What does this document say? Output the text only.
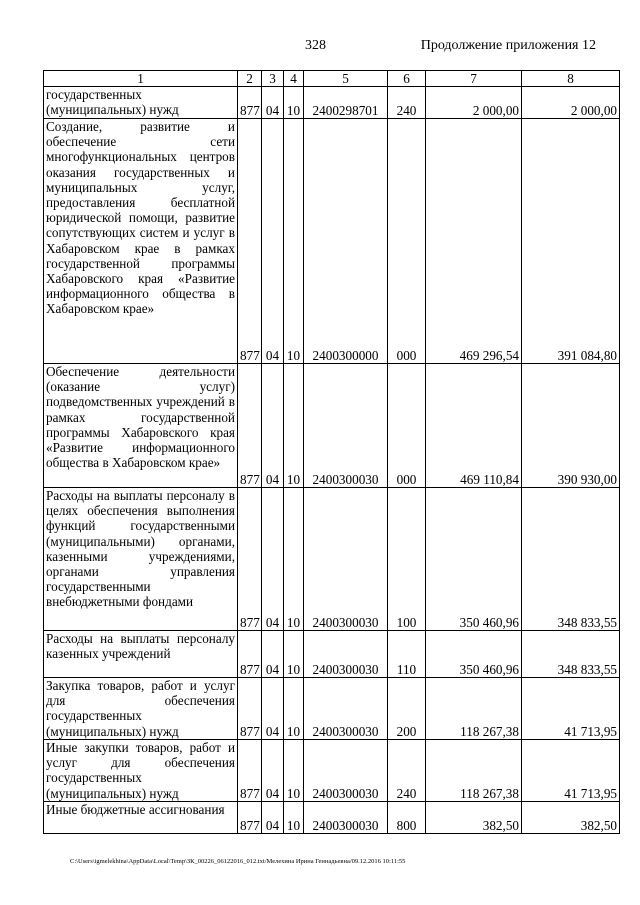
328	Продолжение приложения 12
1	2	3	4	5	6	7	8
государственных (муниципальных) нужд	877	04	10	2400298701	240	2 000,00	2 000,00
Создание, развитие и обеспечение сети многофункциональных центров оказания государственных и муниципальных услуг, предоставления бесплатной юридической помощи, развитие сопутствующих систем и услуг в Хабаровском крае в рамках государственной программы Хабаровского края «Развитие информационного общества в Хабаровском крае»	877	04	10	2400300000	000	469 296,54	391 084,80
Обеспечение деятельности (оказание услуг) подведомственных учреждений в рамках государственной программы Хабаровского края «Развитие информационного общества в Хабаровском крае»	877	04	10	2400300030	000	469 110,84	390 930,00
Расходы на выплаты персоналу в целях обеспечения выполнения функций государственными (муниципальными) органами, казенными учреждениями, органами управления государственными внебюджетными фондами	877	04	10	2400300030	100	350 460,96	348 833,55
Расходы на выплаты персоналу казенных учреждений	877	04	10	2400300030	110	350 460,96	348 833,55
Закупка товаров, работ и услуг для обеспечения государственных (муниципальных) нужд	877	04	10	2400300030	200	118 267,38	41 713,95
Иные закупки товаров, работ и услуг для обеспечения государственных (муниципальных) нужд	877	04	10	2400300030	240	118 267,38	41 713,95
Иные бюджетные ассигнования	877	04	10	2400300030	800	382,50	382,50
C:\Users\igmelekhina\AppData\Local\Temp\ЗК_00226_06122016_012.txt/Мелехина Ирина Геннадьевна/09.12.2016 10:11:55
